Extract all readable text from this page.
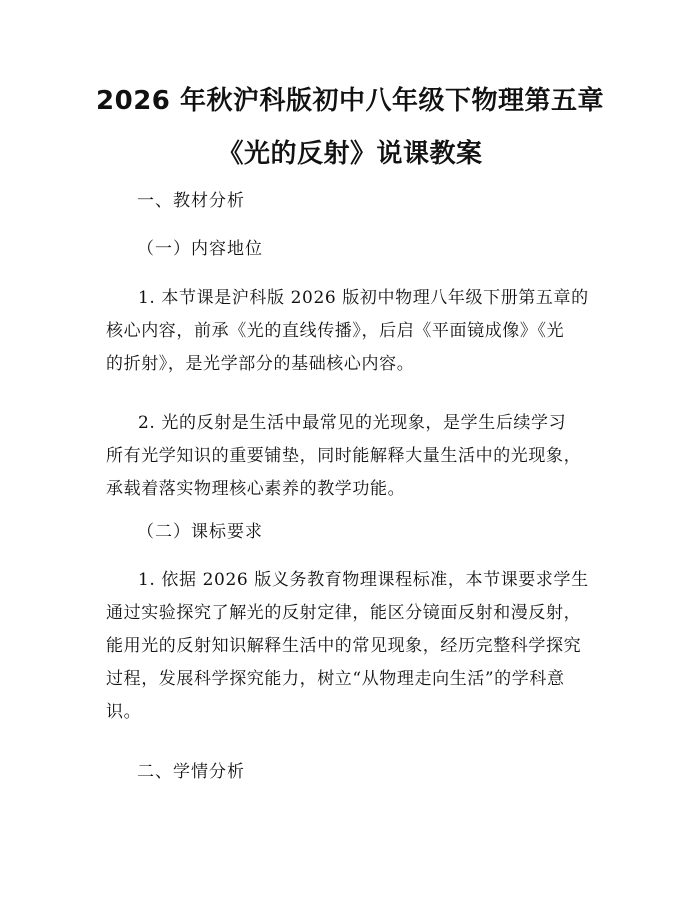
2026 年秋沪科版初中八年级下物理第五章
《光的反射》说课教案

一、教材分析

（一）内容地位

1. 本节课是沪科版 2026 版初中物理八年级下册第五章的
核心内容，前承《光的直线传播》，后启《平面镜成像》《光
的折射》，是光学部分的基础核心内容。

2. 光的反射是生活中最常见的光现象，是学生后续学习
所有光学知识的重要铺垫，同时能解释大量生活中的光现象，
承载着落实物理核心素养的教学功能。

（二）课标要求

1. 依据 2026 版义务教育物理课程标准，本节课要求学生
通过实验探究了解光的反射定律，能区分镜面反射和漫反射，
能用光的反射知识解释生活中的常见现象，经历完整科学探究
过程，发展科学探究能力，树立“从物理走向生活”的学科意
识。

二、学情分析
